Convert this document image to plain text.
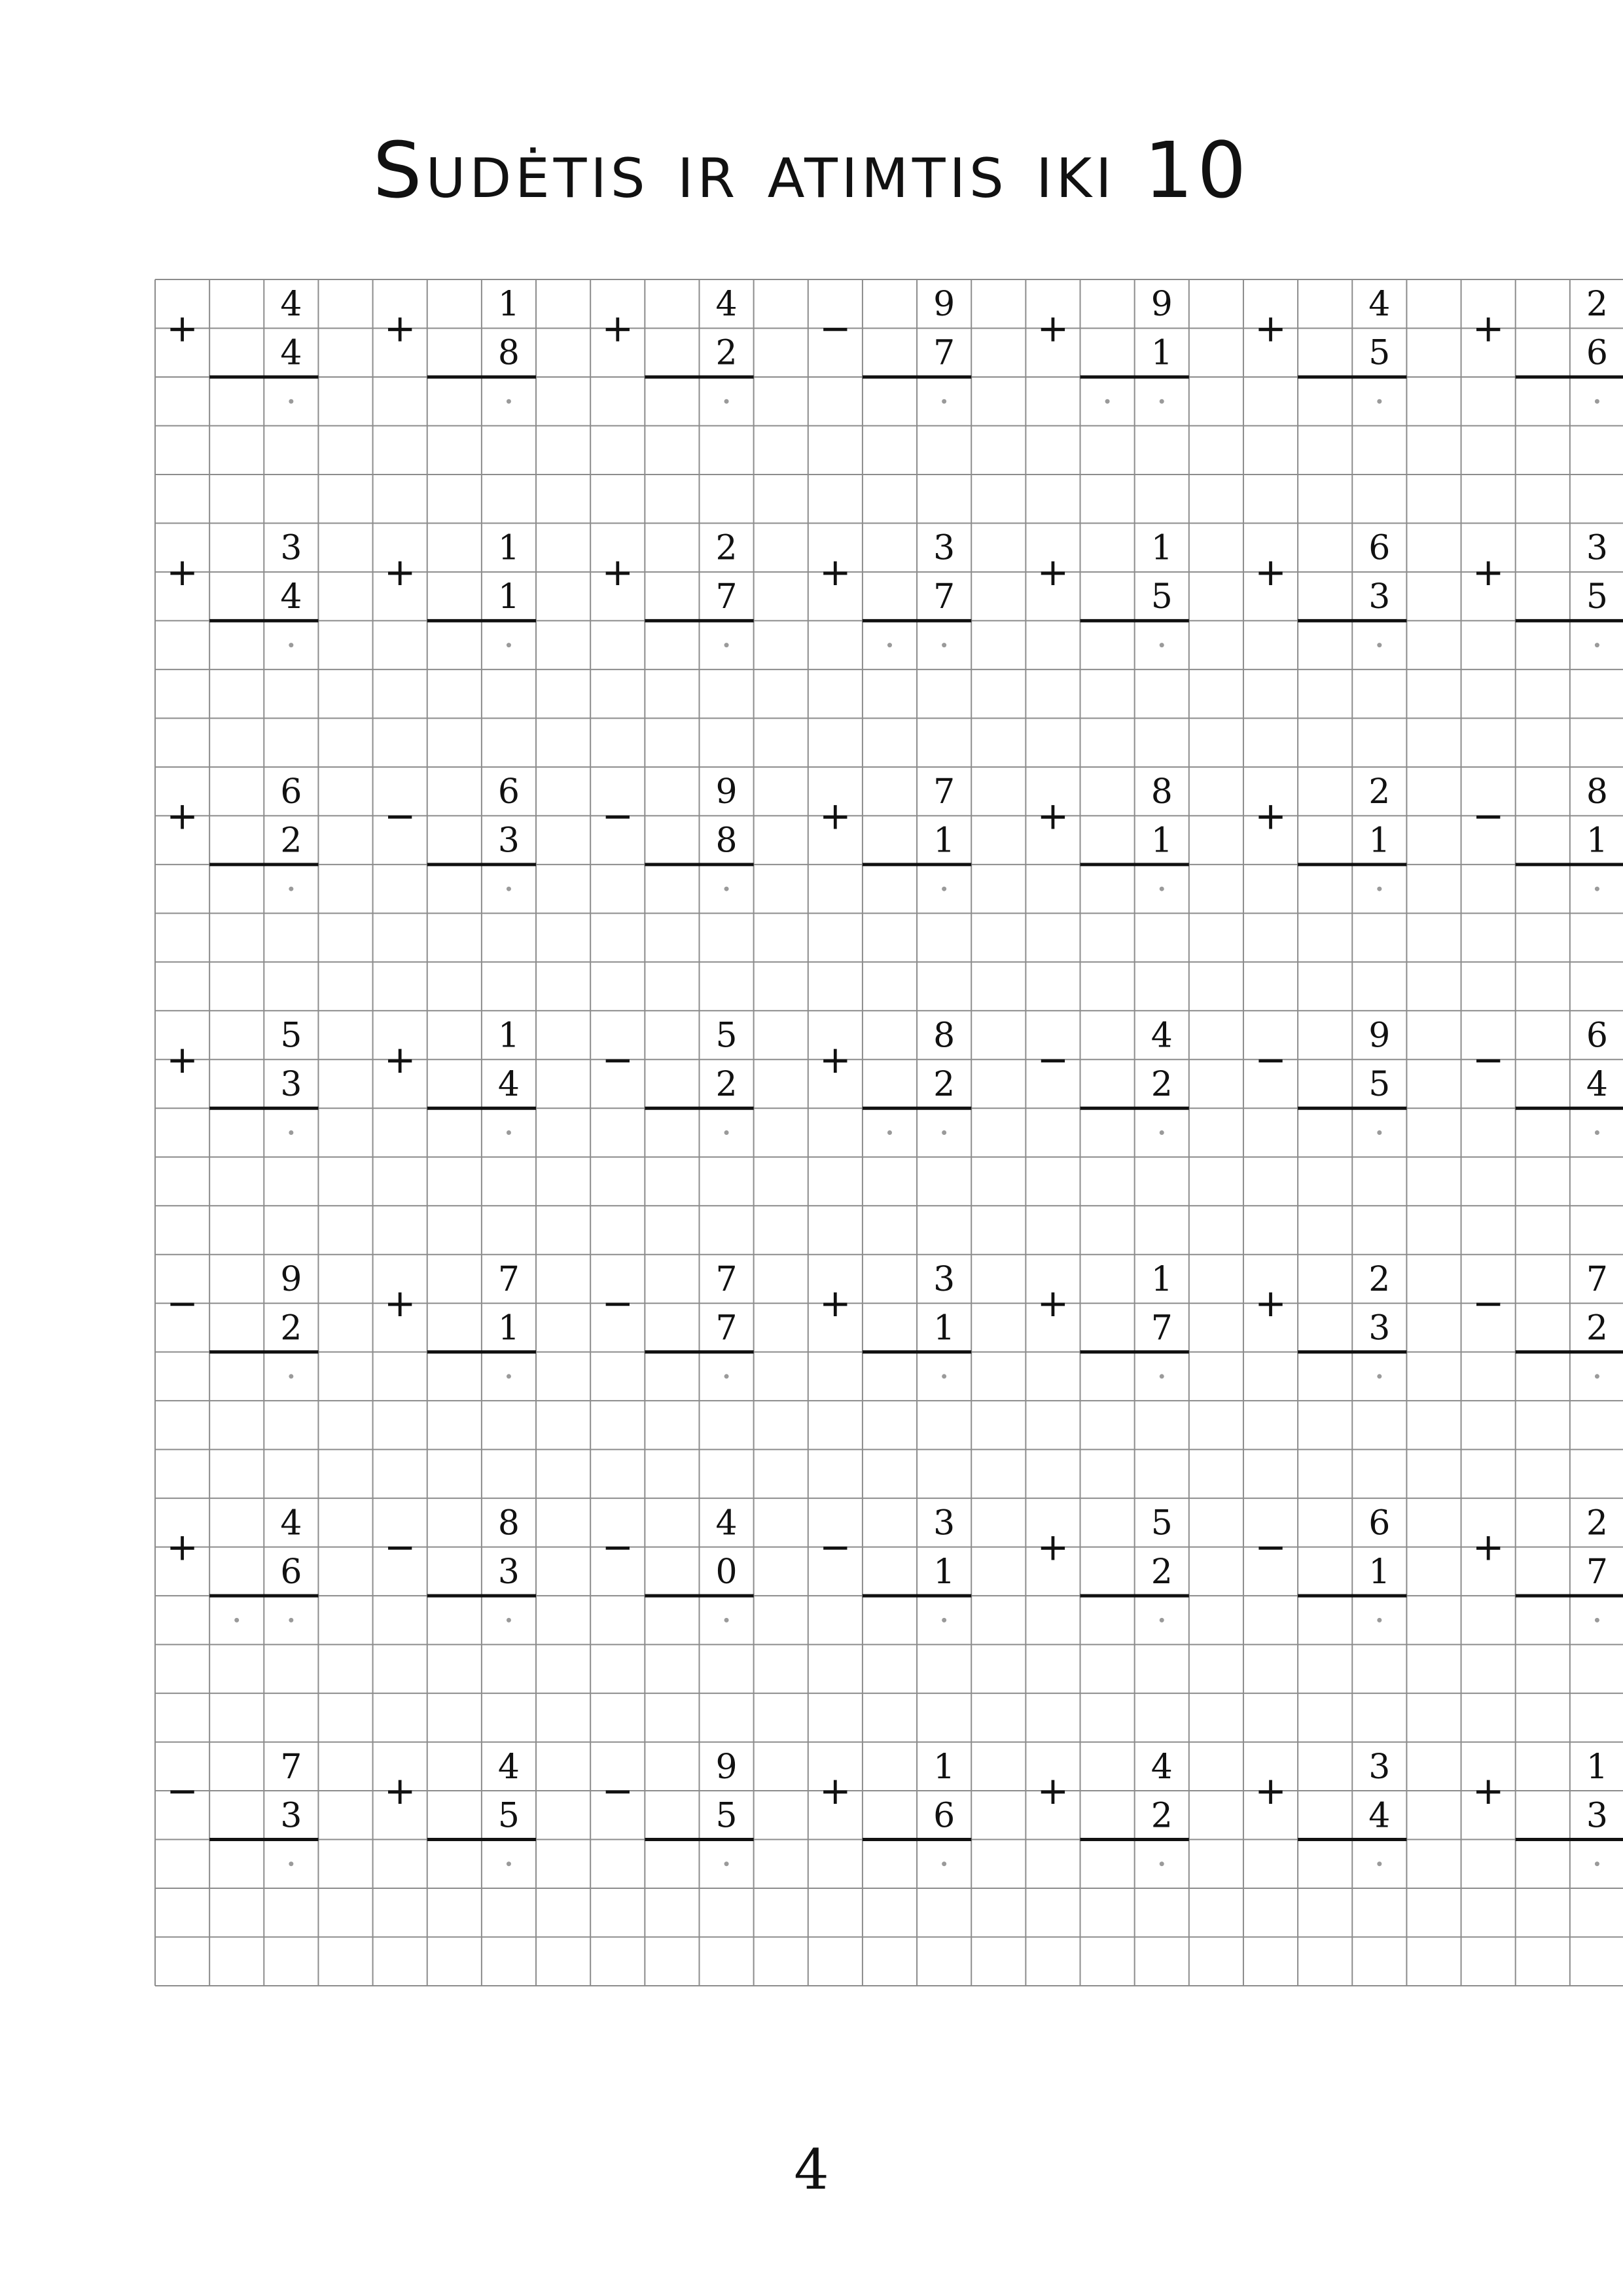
Sudėtis ir atimtis iki 10
+
4
4
+
1
8
+
4
2
−
9
7
+
9
1
+
4
5
+
2
6
+
3
4
+
1
1
+
2
7
+
3
7
+
1
5
+
6
3
+
3
5
+
6
2
−
6
3
−
9
8
+
7
1
+
8
1
+
2
1
−
8
1
+
5
3
+
1
4
−
5
2
+
8
2
−
4
2
−
9
5
−
6
4
−
9
2
+
7
1
−
7
7
+
3
1
+
1
7
+
2
3
−
7
2
+
4
6
−
8
3
−
4
0
−
3
1
+
5
2
−
6
1
+
2
7
−
7
3
+
4
5
−
9
5
+
1
6
+
4
2
+
3
4
+
1
3
4
